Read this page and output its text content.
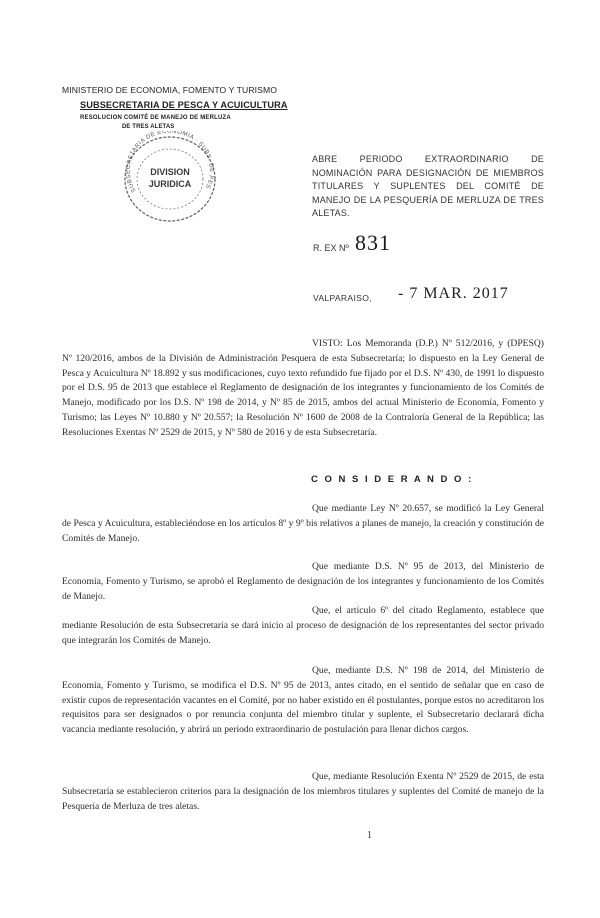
MINISTERIO DE ECONOMIA, FOMENTO Y TURISMO
SUBSECRETARIA DE PESCA Y ACUICULTURA
RESOLUCION COMITÉ DE MANEJO DE MERLUZA
DE TRES ALETAS
SUBSECRETARIA DE ECONOMIA · SUBS. DE PES
DIVISION
JURIDICA
ABRE PERIODO EXTRAORDINARIO DE NOMINACIÓN PARA DESIGNACIÓN DE MIEMBROS TITULARES Y SUPLENTES DEL COMITÉ DE MANEJO DE LA PESQUERÍA DE MERLUZA DE TRES ALETAS.
R. EX Nº 831
VALPARAISO, - 7 MAR. 2017
VISTO: Los Memoranda (D.P.) Nº 512/2016, y (DPESQ) Nº 120/2016, ambos de la División de Administración Pesquera de esta Subsecretaría; lo dispuesto en la Ley General de Pesca y Acuicultura Nº 18.892 y sus modificaciones, cuyo texto refundido fue fijado por el D.S. Nº 430, de 1991 lo dispuesto por el D.S. 95 de 2013 que establece el Reglamento de designación de los integrantes y funcionamiento de los Comités de Manejo, modificado por los D.S. Nº 198 de 2014, y Nº 85 de 2015, ambos del actual Ministerio de Economía, Fomento y Turismo; las Leyes Nº 10.880 y Nº 20.557; la Resolución Nº 1600 de 2008 de la Contraloría General de la República; las Resoluciones Exentas Nº 2529 de 2015, y Nº 580 de 2016 y de esta Subsecretaría.
C O N S I D E R A N D O :
Que mediante Ley Nº 20.657, se modificó la Ley General de Pesca y Acuicultura, estableciéndose en los artículos 8º y 9º bis relativos a planes de manejo, la creación y constitución de Comités de Manejo.
Que mediante D.S. Nº 95 de 2013, del Ministerio de Economía, Fomento y Turismo, se aprobó el Reglamento de designación de los integrantes y funcionamiento de los Comités de Manejo.
Que, el artículo 6º del citado Reglamento, establece que mediante Resolución de esta Subsecretaría se dará inicio al proceso de designación de los representantes del sector privado que integrarán los Comités de Manejo.
Que, mediante D.S. Nº 198 de 2014, del Ministerio de Economía, Fomento y Turismo, se modifica el D.S. Nº 95 de 2013, antes citado, en el sentido de señalar que en caso de existir cupos de representación vacantes en el Comité, por no haber existido en él postulantes, porque estos no acreditaron los requisitos para ser designados o por renuncia conjunta del miembro titular y suplente, el Subsecretario declarará dicha vacancia mediante resolución, y abrirá un periodo extraordinario de postulación para llenar dichos cargos.
Que, mediante Resolución Exenta Nº 2529 de 2015, de esta Subsecretaría se establecieron criterios para la designación de los miembros titulares y suplentes del Comité de manejo de la Pesquería de Merluza de tres aletas.
1
